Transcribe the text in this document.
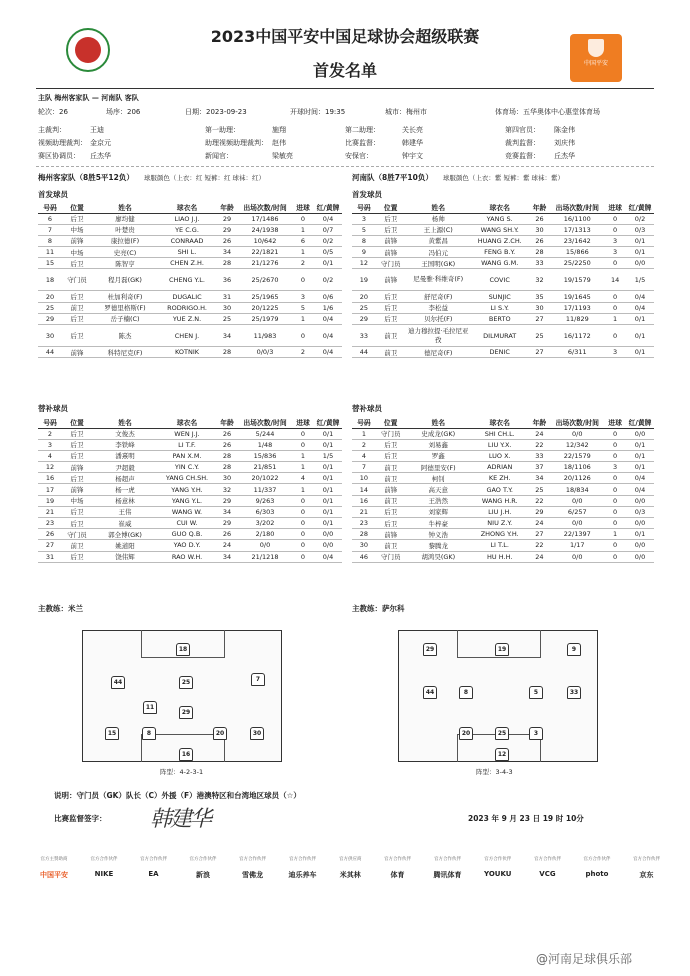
2023中国平安中国足球协会超级联赛
首发名单	中国平安
主队 梅州客家队 — 河南队 客队
轮次：26	场序：206	日期：2023-09-23	开球时间：19:35	城市：梅州市	体育场：五华奥体中心惠堂体育场
主裁判：	王迪	第一助理：	施翔	第二助理：	关长亮	第四官员： 陈金伟
视频助理裁判： 金京元	助理视频助理裁判： 赵伟	比赛监督：	韩建华	裁判监督： 刘庆伟
赛区协调员： 丘杰华	新闻官：	梁敏亮	安保官：	钟宇文	竞赛监督： 丘杰华
梅州客家队（8胜5平12负） 球服颜色（上衣：红 短裤：红 球袜：红）
首发球员
号码	位置	姓名	球衣名	年龄	出场次数/时间	进球	红/黄牌
6	后卫	廖均健	LIAO J.J.	29	17/1486	0	0/4
7	中场	叶楚贵	YE C.G.	29	24/1938	1	0/7
8	前锋	康拉德(F)	CONRAAD	26	10/642	6	0/2
11	中场	史亮(C)	SHI L.	34	22/1821	1	0/5
15	后卫	陈智亨	CHEN Z.H.	28	21/1276	2	0/1
18	守门员	程月磊(GK)	CHENG Y.L.	36	25/2670	0	0/2
20	后卫	杜加利奇(F)	DUGALIC	31	25/1965	3	0/6
25	前卫	罗德里格斯(F)	RODRIGO.H.	30	20/1225	5	1/6
29	后卫	岳子楠(C)	YUE Z.N.	25	25/1979	1	0/4
30	后卫	陈杰	CHEN J.	34	11/983	0	0/4
44	前锋	科特尼克(F)	KOTNIK	28	0/0/3	2	0/4
替补球员
号码	位置	姓名	球衣名	年龄	出场次数/时间	进球	红/黄牌
2	后卫	文俊杰	WEN J.J.	26	5/244	0	0/1
3	后卫	李铁峰	LI T.F.	26	1/48	0	0/1
4	后卫	潘熹明	PAN X.M.	28	15/836	1	1/5
12	前锋	尹超毅	YIN C.Y.	28	21/851	1	0/1
16	后卫	杨超声	YANG CH.SH.	30	20/1022	4	0/1
17	前锋	杨一虎	YANG Y.H.	32	11/337	1	0/1
19	中场	杨意林	YANG Y.L.	29	9/263	0	0/1
21	后卫	王伟	WANG W.	34	6/303	0	0/1
23	后卫	崔威	CUI W.	29	3/202	0	0/1
26	守门员	郭全博(GK)	GUO Q.B.	26	2/180	0	0/0
27	前卫	姚道阳	YAO D.Y.	24	0/0	0	0/0
31	后卫	饶伟辉	RAO W.H.	34	21/1218	0	0/4
主教练：米兰
河南队（8胜7平10负） 球服颜色（上衣：紫 短裤：紫 球袜：紫）
首发球员
号码	位置	姓名	球衣名	年龄	出场次数/时间	进球	红/黄牌
3	后卫	杨帅	YANG S.	26	16/1100	0	0/2
5	后卫	王上源(C)	WANG SH.Y.	30	17/1313	0	0/3
8	前锋	黄紫昌	HUANG Z.CH.	26	23/1642	3	0/1
9	前锋	冯伯元	FENG B.Y.	28	15/866	3	0/1
12	守门员	王国明(GK)	WANG G.M.	33	25/2250	0	0/0
19	前锋	尼曼雅·科维奇(F)	COVIC	32	19/1579	14	1/5
20	后卫	舒尼奇(F)	SUNJIC	35	19/1645	0	0/4
25	后卫	李松益	LI S.Y.	30	17/1193	0	0/4
29	后卫	贝尔托(F)	BERTO	27	11/829	1	0/1
33	前卫	迪力穆拉提·毛拉尼亚孜	DILMURAT	25	16/1172	0	0/1
44	前卫	德尼奇(F)	DENIC	27	6/311	3	0/1
替补球员
号码	位置	姓名	球衣名	年龄	出场次数/时间	进球	红/黄牌
1	守门员	史成龙(GK)	SHI CH.L.	24	0/0	0	0/0
2	后卫	刘易鑫	LIU Y.X.	22	12/342	0	0/1
4	后卫	罗鑫	LUO X.	33	22/1579	0	0/1
7	前卫	阿德里安(F)	ADRIAN	37	18/1106	3	0/1
10	前卫	柯钊	KE ZH.	34	20/1126	0	0/4
14	前锋	高天意	GAO T.Y.	25	18/834	0	0/4
16	前卫	王浩然	WANG H.R.	22	0/0	0	0/0
21	后卫	刘家辉	LIU J.H.	29	6/257	0	0/3
23	后卫	牛梓豪	NIU Z.Y.	24	0/0	0	0/0
28	前锋	钟义浩	ZHONG Y.H.	27	22/1397	1	0/1
30	前卫	黎腾龙	LI T.L.	22	1/17	0	0/0
46	守门员	胡鸿昊(GK)	HU H.H.	24	0/0	0	0/0
主教练：萨尔科
18
25	7
44
8
15	20	30
29
16
11
阵型：4-2-3-1
29	19	9
8
12
25	3
33
20
5
44
阵型：3-4-3
说明：守门员（GK）队长（C）外援（F）港澳特区和台湾地区球员（☆）
比赛监督签字： 韩建华	2023 年 9 月 23 日 19 时 10分
官方主赞助商
中国平安
官方合作伙伴
NIKE
官方合作伙伴
EA
官方合作伙伴
新浪
官方合作伙伴
雪佛龙
官方合作伙伴
迪乐养车
官方供应商
米其林
官方合作伙伴
体育
官方合作伙伴
腾讯体育
官方合作伙伴
YOUKU
官方合作伙伴
VCG
官方合作伙伴
photo
官方合作伙伴
京东
@河南足球俱乐部
